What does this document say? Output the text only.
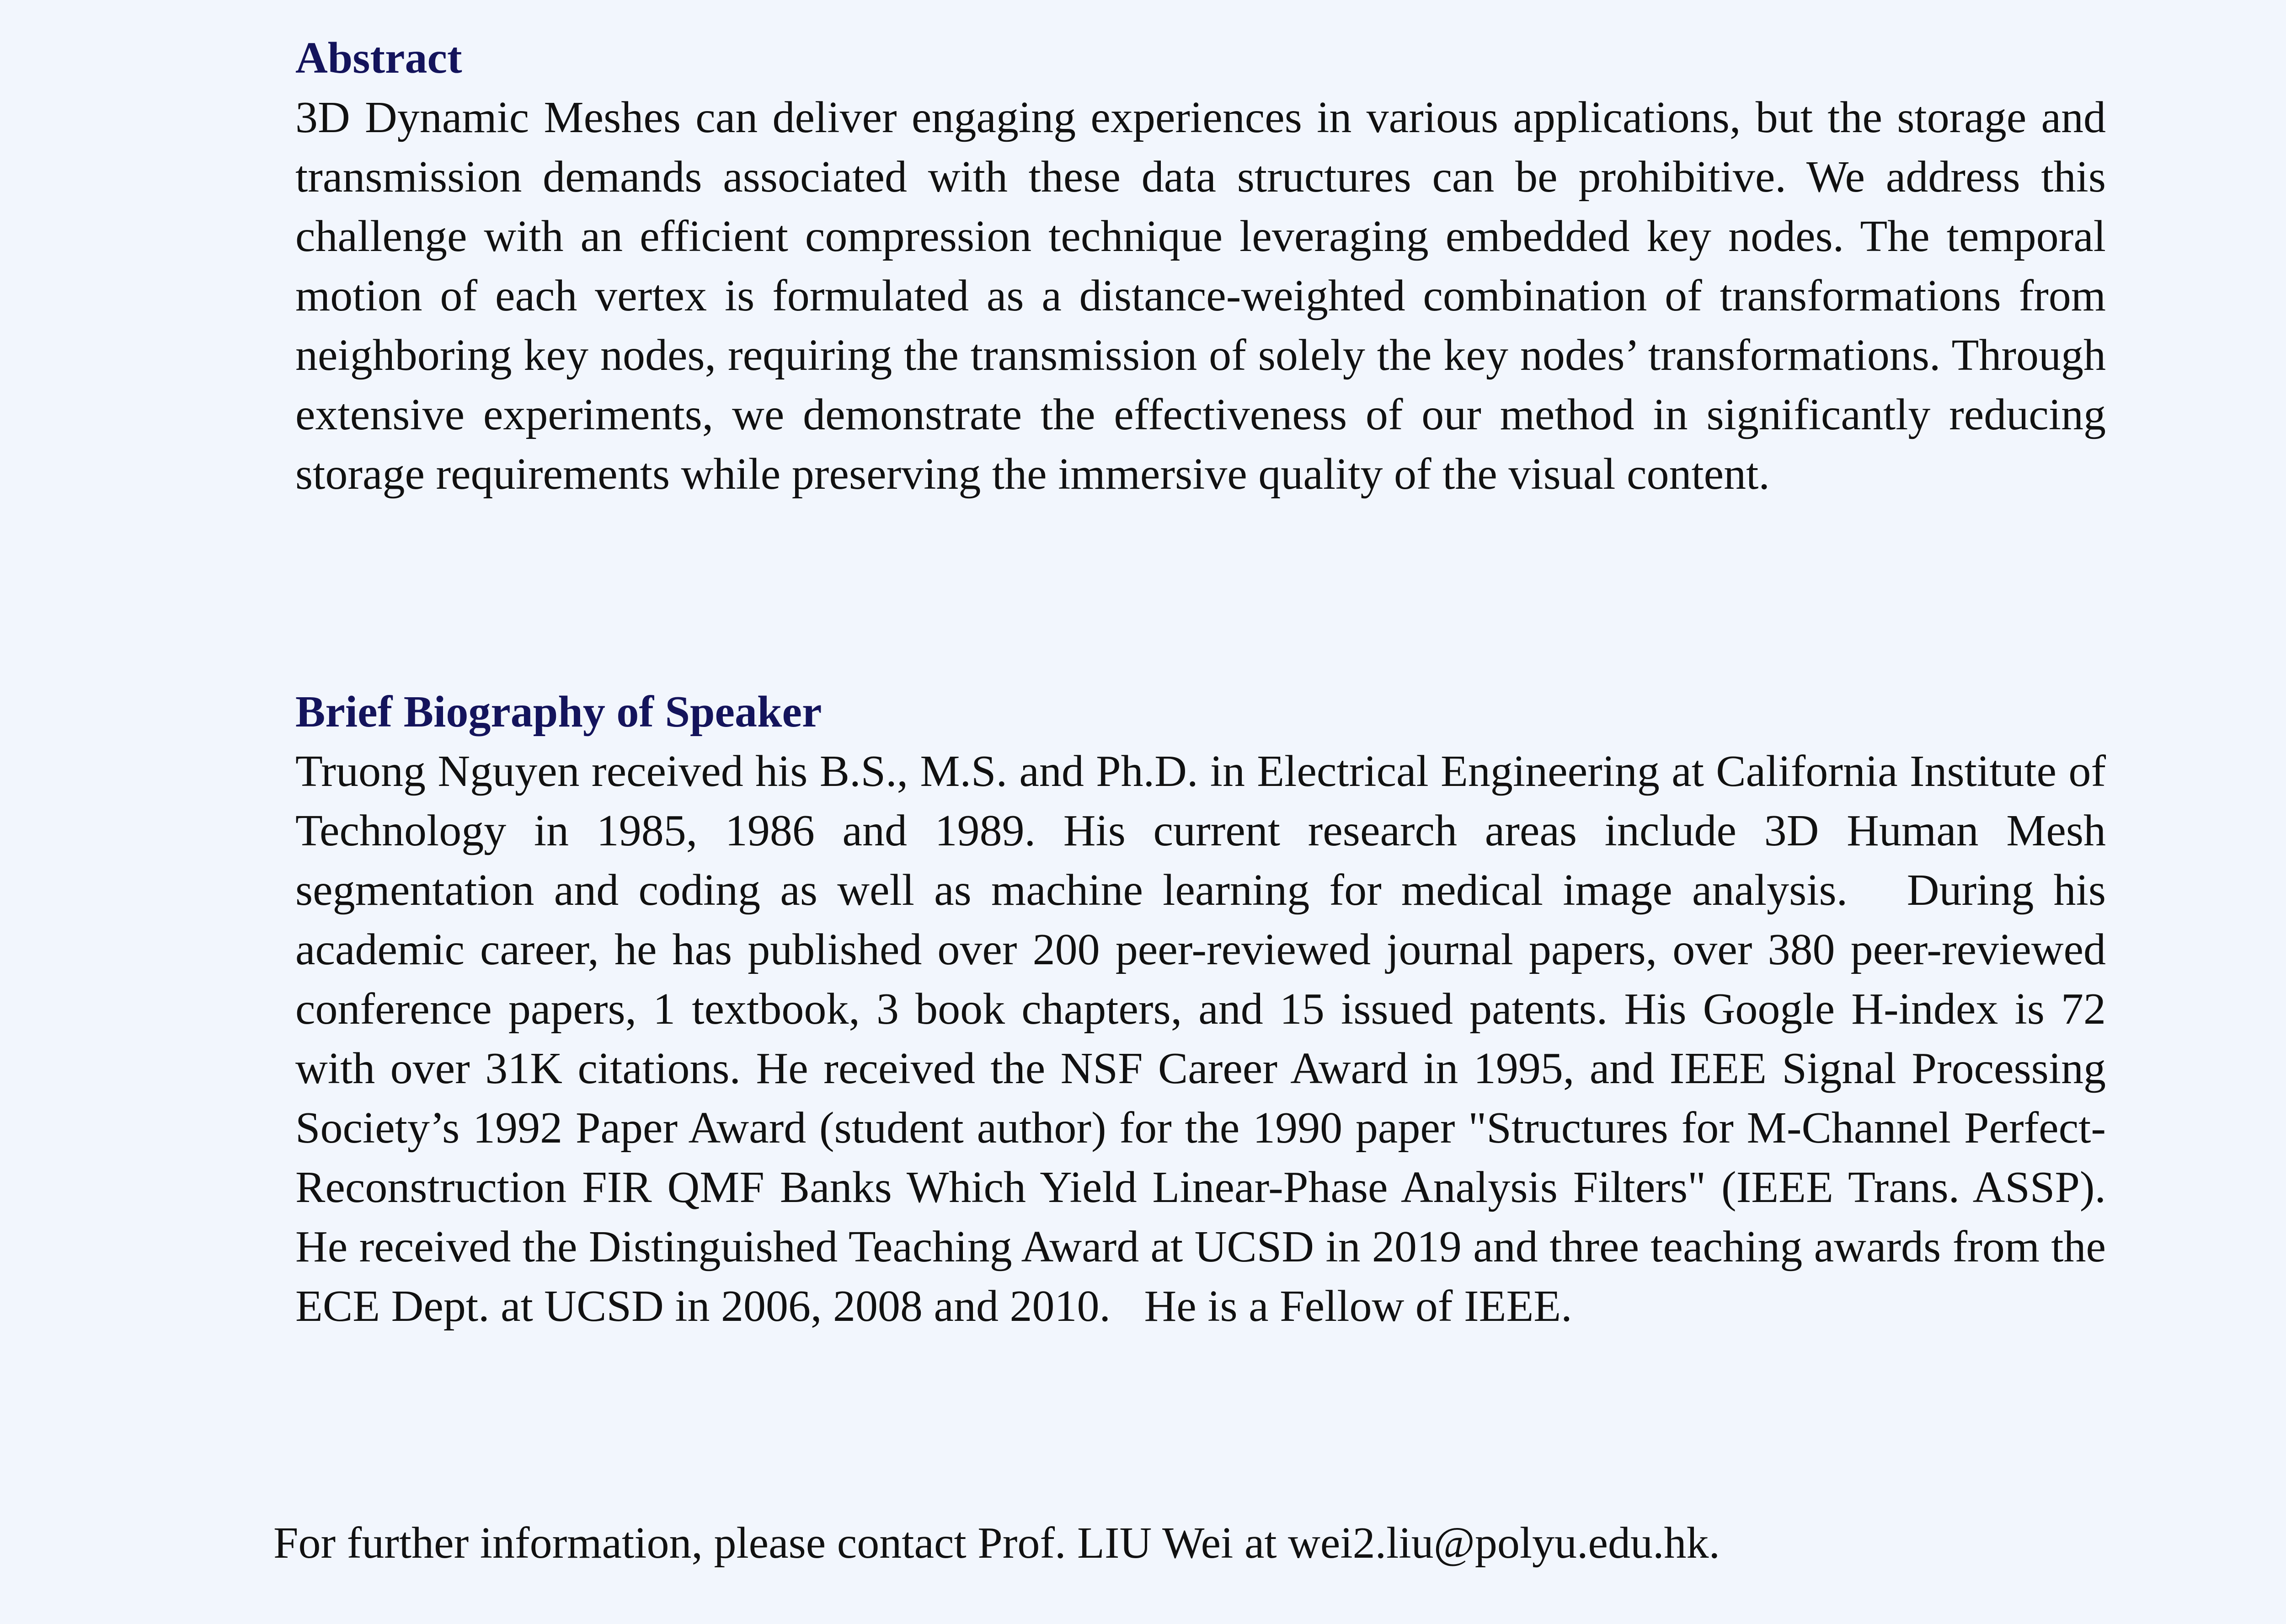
Abstract

3D Dynamic Meshes can deliver engaging experiences in various applications, but the storage and transmission demands associated with these data structures can be prohibitive. We address this challenge with an efficient compression technique leveraging embedded key nodes. The temporal motion of each vertex is formulated as a distance-weighted combination of transformations from neighboring key nodes, requiring the transmission of solely the key nodes’ transformations. Through extensive experiments, we demonstrate the effectiveness of our method in significantly reducing storage requirements while preserving the immersive quality of the visual content.

Brief Biography of Speaker

Truong Nguyen received his B.S., M.S. and Ph.D. in Electrical Engineering at California Institute of Technology in 1985, 1986 and 1989. His current research areas include 3D Human Mesh segmentation and coding as well as machine learning for medical image analysis.   During his academic career, he has published over 200 peer-reviewed journal papers, over 380 peer-reviewed conference papers, 1 textbook, 3 book chapters, and 15 issued patents. His Google H-index is 72 with over 31K citations. He received the NSF Career Award in 1995, and IEEE Signal Processing Society’s 1992 Paper Award (student author) for the 1990 paper "Structures for M-Channel Perfect-Reconstruction FIR QMF Banks Which Yield Linear-Phase Analysis Filters" (IEEE Trans. ASSP).   He received the Distinguished Teaching Award at UCSD in 2019 and three teaching awards from the ECE Dept. at UCSD in 2006, 2008 and 2010.   He is a Fellow of IEEE.

For further information, please contact Prof. LIU Wei at wei2.liu@polyu.edu.hk.
